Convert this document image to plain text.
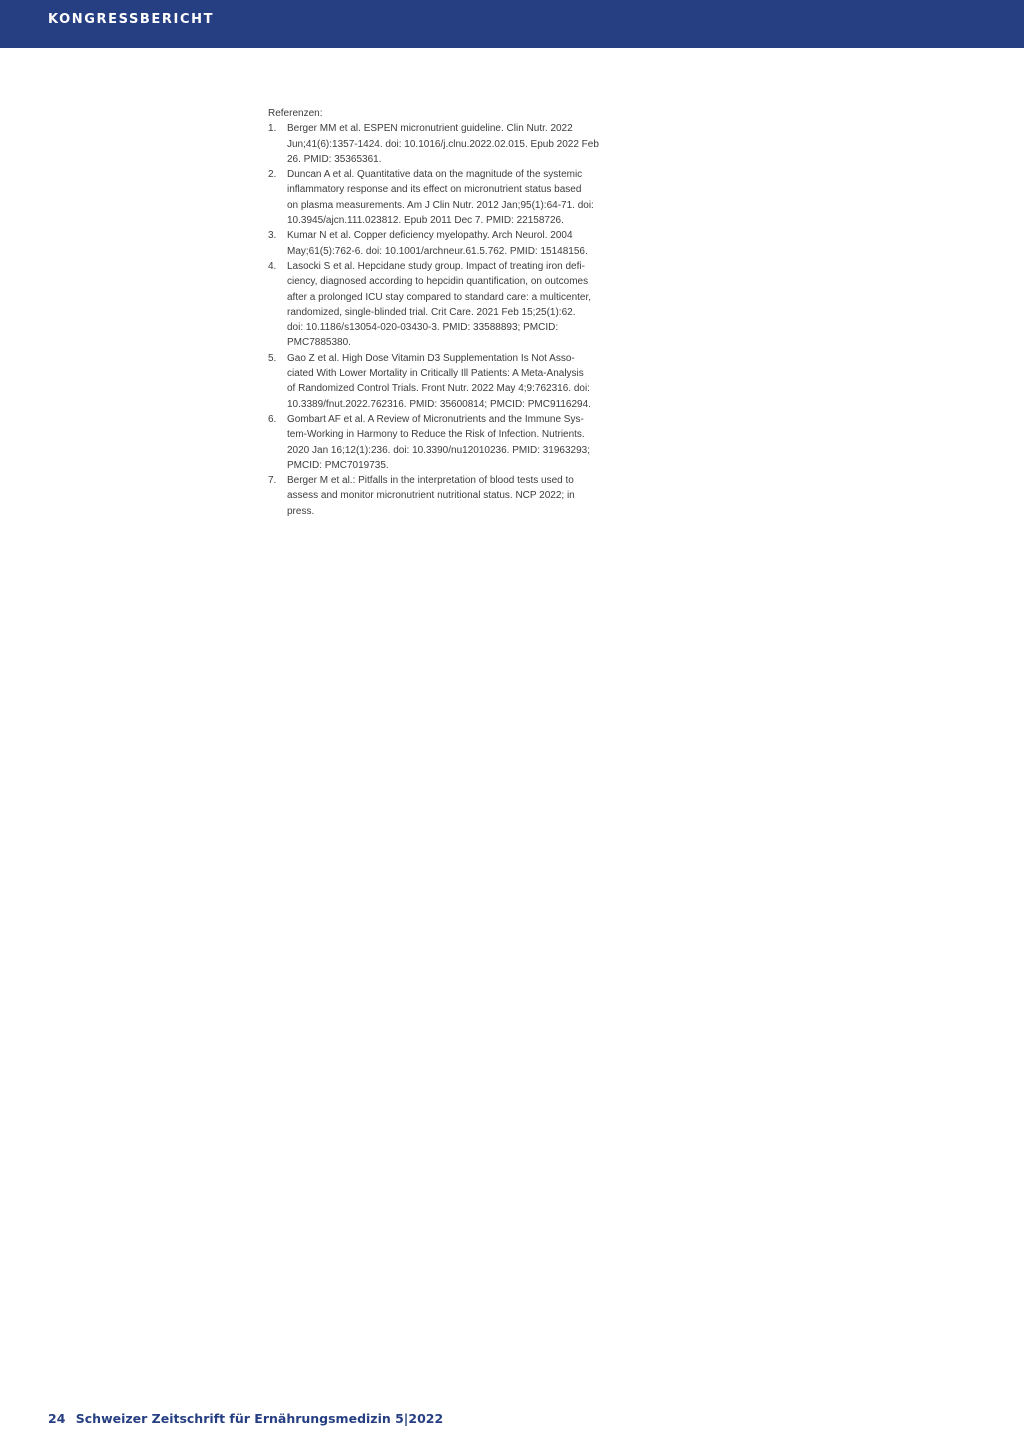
KONGRESSBERICHT

Referenzen:

1.	Berger MM et al. ESPEN micronutrient guideline. Clin Nutr. 2022
Jun;41(6):1357-1424. doi: 10.1016/j.clnu.2022.02.015. Epub 2022 Feb
26. PMID: 35365361.
2.	Duncan A et al. Quantitative data on the magnitude of the systemic
inflammatory response and its effect on micronutrient status based
on plasma measurements. Am J Clin Nutr. 2012 Jan;95(1):64-71. doi:
10.3945/ajcn.111.023812. Epub 2011 Dec 7. PMID: 22158726.
3.	Kumar N et al. Copper deficiency myelopathy. Arch Neurol. 2004
May;61(5):762-6. doi: 10.1001/archneur.61.5.762. PMID: 15148156.
4.	Lasocki S et al. Hepcidane study group. Impact of treating iron defi-
ciency, diagnosed according to hepcidin quantification, on outcomes
after a prolonged ICU stay compared to standard care: a multicenter,
randomized, single-blinded trial. Crit Care. 2021 Feb 15;25(1):62.
doi: 10.1186/s13054-020-03430-3. PMID: 33588893; PMCID:
PMC7885380.
5.	Gao Z et al. High Dose Vitamin D3 Supplementation Is Not Asso-
ciated With Lower Mortality in Critically Ill Patients: A Meta-Analysis
of Randomized Control Trials. Front Nutr. 2022 May 4;9:762316. doi:
10.3389/fnut.2022.762316. PMID: 35600814; PMCID: PMC9116294.
6.	Gombart AF et al. A Review of Micronutrients and the Immune Sys-
tem-Working in Harmony to Reduce the Risk of Infection. Nutrients.
2020 Jan 16;12(1):236. doi: 10.3390/nu12010236. PMID: 31963293;
PMCID: PMC7019735.
7.	Berger M et al.: Pitfalls in the interpretation of blood tests used to
assess and monitor micronutrient nutritional status. NCP 2022; in
press.
24 Schweizer Zeitschrift für Ernährungsmedizin 5|2022
